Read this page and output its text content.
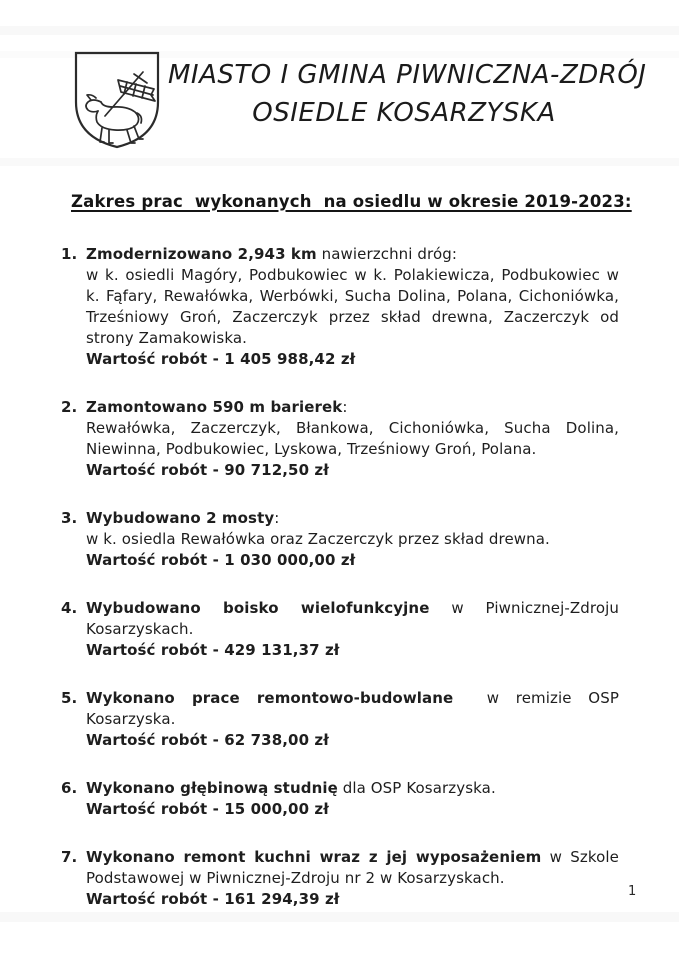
MIASTO I GMINA PIWNICZNA-ZDRÓJ
OSIEDLE KOSARZYSKA
Zakres prac  wykonanych  na osiedlu w okresie 2019-2023:
1. Zmodernizowano 2,943 km nawierzchni dróg:

w k. osiedli Magóry, Podbukowiec w k. Polakiewicza, Podbukowiec w k. Fąfary, Rewałówka, Werbówki, Sucha Dolina, Polana, Cichoniówka, Trześniowy Groń, Zaczerczyk przez skład drewna, Zaczerczyk od strony Zamakowiska.

Wartość robót - 1 405 988,42 zł

2. Zamontowano 590 m barierek:

Rewałówka, Zaczerczyk, Błankowa, Cichoniówka, Sucha Dolina, Niewinna, Podbukowiec, Lyskowa, Trześniowy Groń, Polana.

Wartość robót - 90 712,50 zł

3. Wybudowano 2 mosty:

w k. osiedla Rewałówka oraz Zaczerczyk przez skład drewna.

Wartość robót - 1 030 000,00 zł

4. Wybudowano boisko wielofunkcyjne w Piwnicznej-Zdroju Kosarzyskach.

Wartość robót - 429 131,37 zł

5. Wykonano prace remontowo-budowlane  w remizie OSP Kosarzyska.

Wartość robót - 62 738,00 zł

6. Wykonano głębinową studnię dla OSP Kosarzyska.

Wartość robót - 15 000,00 zł

7. Wykonano remont kuchni wraz z jej wyposażeniem w Szkole Podstawowej w Piwnicznej-Zdroju nr 2 w Kosarzyskach.

Wartość robót - 161 294,39 zł	1
